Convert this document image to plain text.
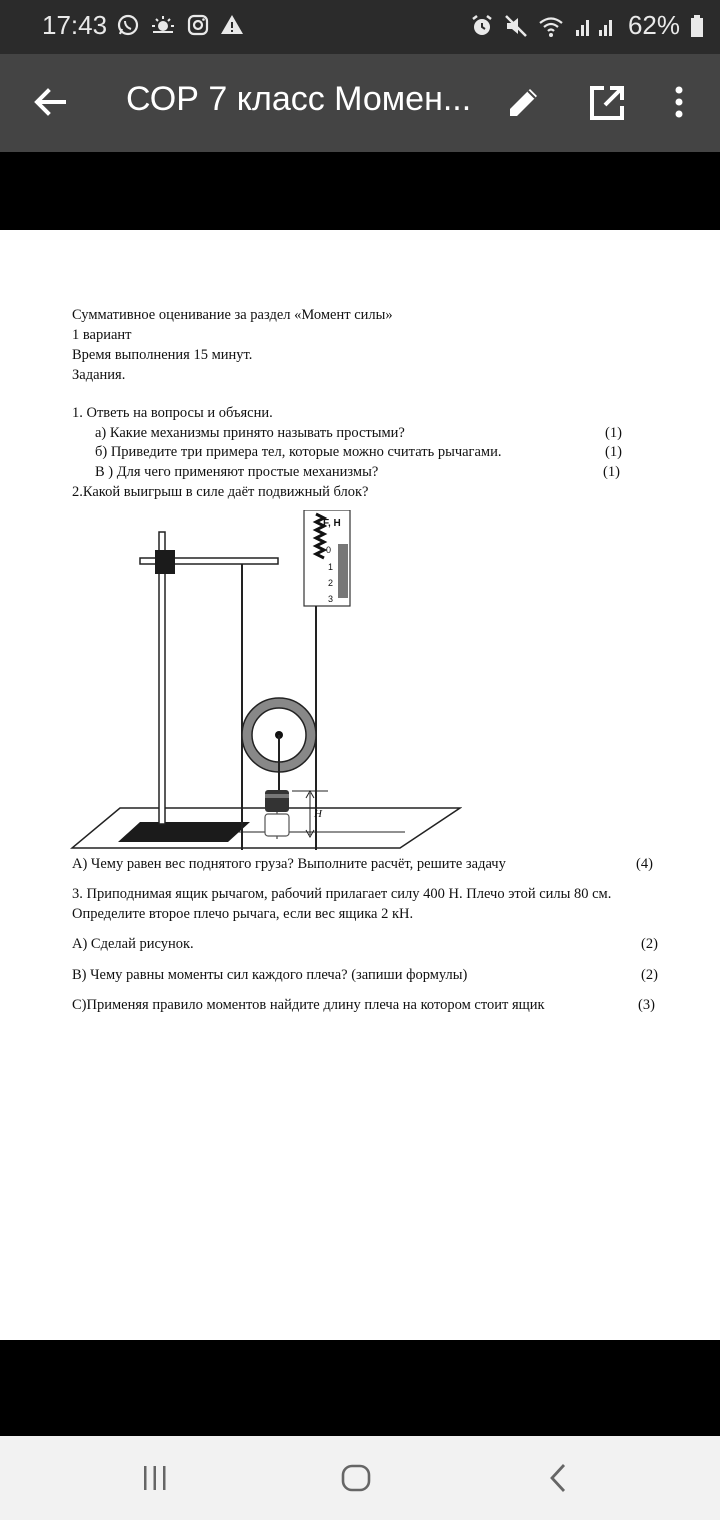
17:43	62%
СОР 7 класс Момен...
Суммативное оценивание за раздел «Момент силы»
1 вариант
Время выполнения 15 минут.
Задания.
1. Ответь на вопросы и объясни.
а) Какие механизмы принято называть простыми?	(1)
б) Приведите три примера тел, которые можно считать рычагами.	(1)
В ) Для чего применяют простые механизмы?	(1)
2.Какой выигрыш в силе даёт подвижный блок?
F, Н
0
1
2
3
H
А) Чему равен вес поднятого груза? Выполните расчёт, решите задачу	(4)
3. Приподнимая ящик рычагом, рабочий прилагает силу 400 Н. Плечо этой силы 80 см.
Определите второе плечо рычага, если вес ящика 2 кН.
А) Сделай рисунок.	(2)
В) Чему равны моменты сил каждого плеча? (запиши формулы)	(2)
С)Применяя правило моментов найдите длину плеча на котором стоит ящик	(3)
